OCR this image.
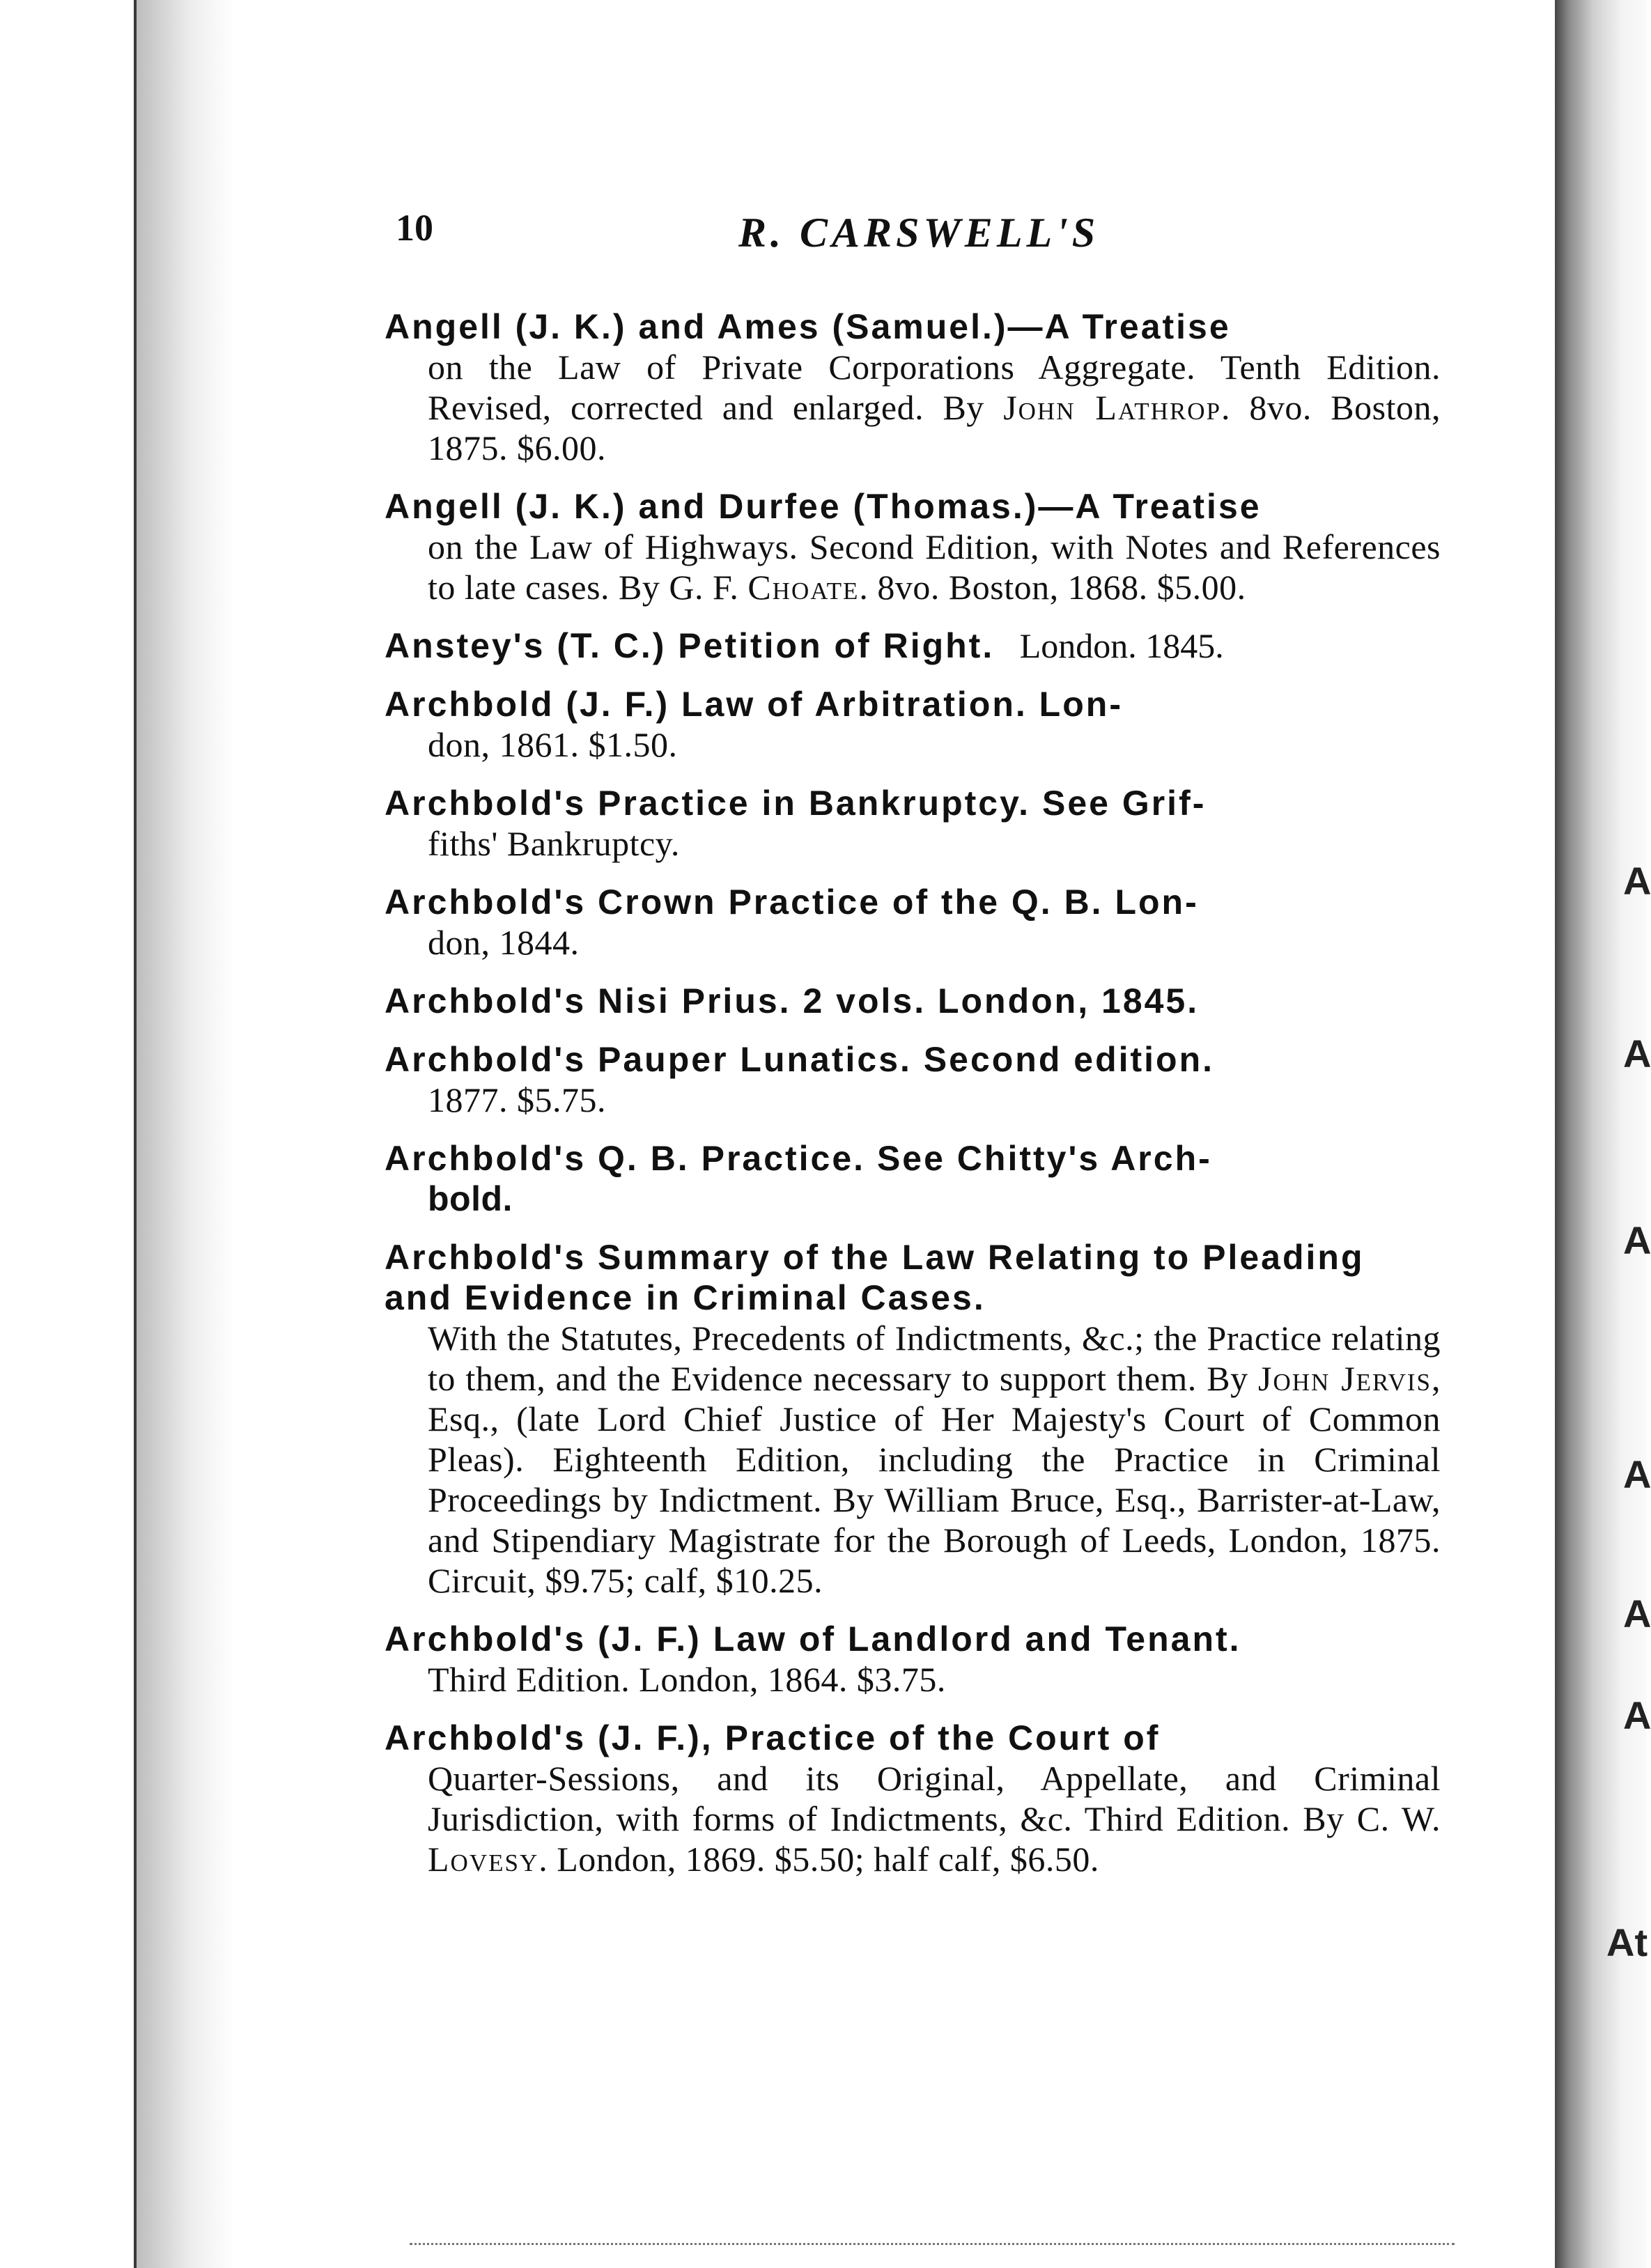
A
A
A
A
A
A
At
10	R. CARSWELL'S
Angell (J. K.) and Ames (Samuel.)—A Treatise
on the Law of Private Corporations Aggregate. Tenth Edition. Revised, corrected and enlarged. By John Lathrop. 8vo. Boston, 1875. $6.00.
Angell (J. K.) and Durfee (Thomas.)—A Treatise
on the Law of Highways. Second Edition, with Notes and References to late cases. By G. F. Choate. 8vo. Boston, 1868. $5.00.
Anstey's (T. C.) Petition of Right. London. 1845.
Archbold (J. F.) Law of Arbitration. Lon-
don, 1861. $1.50.
Archbold's Practice in Bankruptcy. See Grif-
fiths' Bankruptcy.
Archbold's Crown Practice of the Q. B. Lon-
don, 1844.
Archbold's Nisi Prius. 2 vols. London, 1845.
Archbold's Pauper Lunatics. Second edition.
1877. $5.75.
Archbold's Q. B. Practice. See Chitty's Arch-
bold.
Archbold's Summary of the Law Relating to Pleading and Evidence in Criminal Cases.
With the Statutes, Precedents of Indictments, &c.; the Practice relating to them, and the Evidence necessary to support them. By John Jervis, Esq., (late Lord Chief Justice of Her Majesty's Court of Common Pleas). Eighteenth Edition, including the Practice in Criminal Proceedings by Indictment. By William Bruce, Esq., Barrister-at-Law, and Stipendiary Magistrate for the Borough of Leeds, London, 1875. Circuit, $9.75; calf, $10.25.
Archbold's (J. F.) Law of Landlord and Tenant.
Third Edition. London, 1864. $3.75.
Archbold's (J. F.), Practice of the Court of
Quarter-Sessions, and its Original, Appellate, and Criminal Jurisdiction, with forms of Indictments, &c. Third Edition. By C. W. Lovesy. London, 1869. $5.50; half calf, $6.50.
